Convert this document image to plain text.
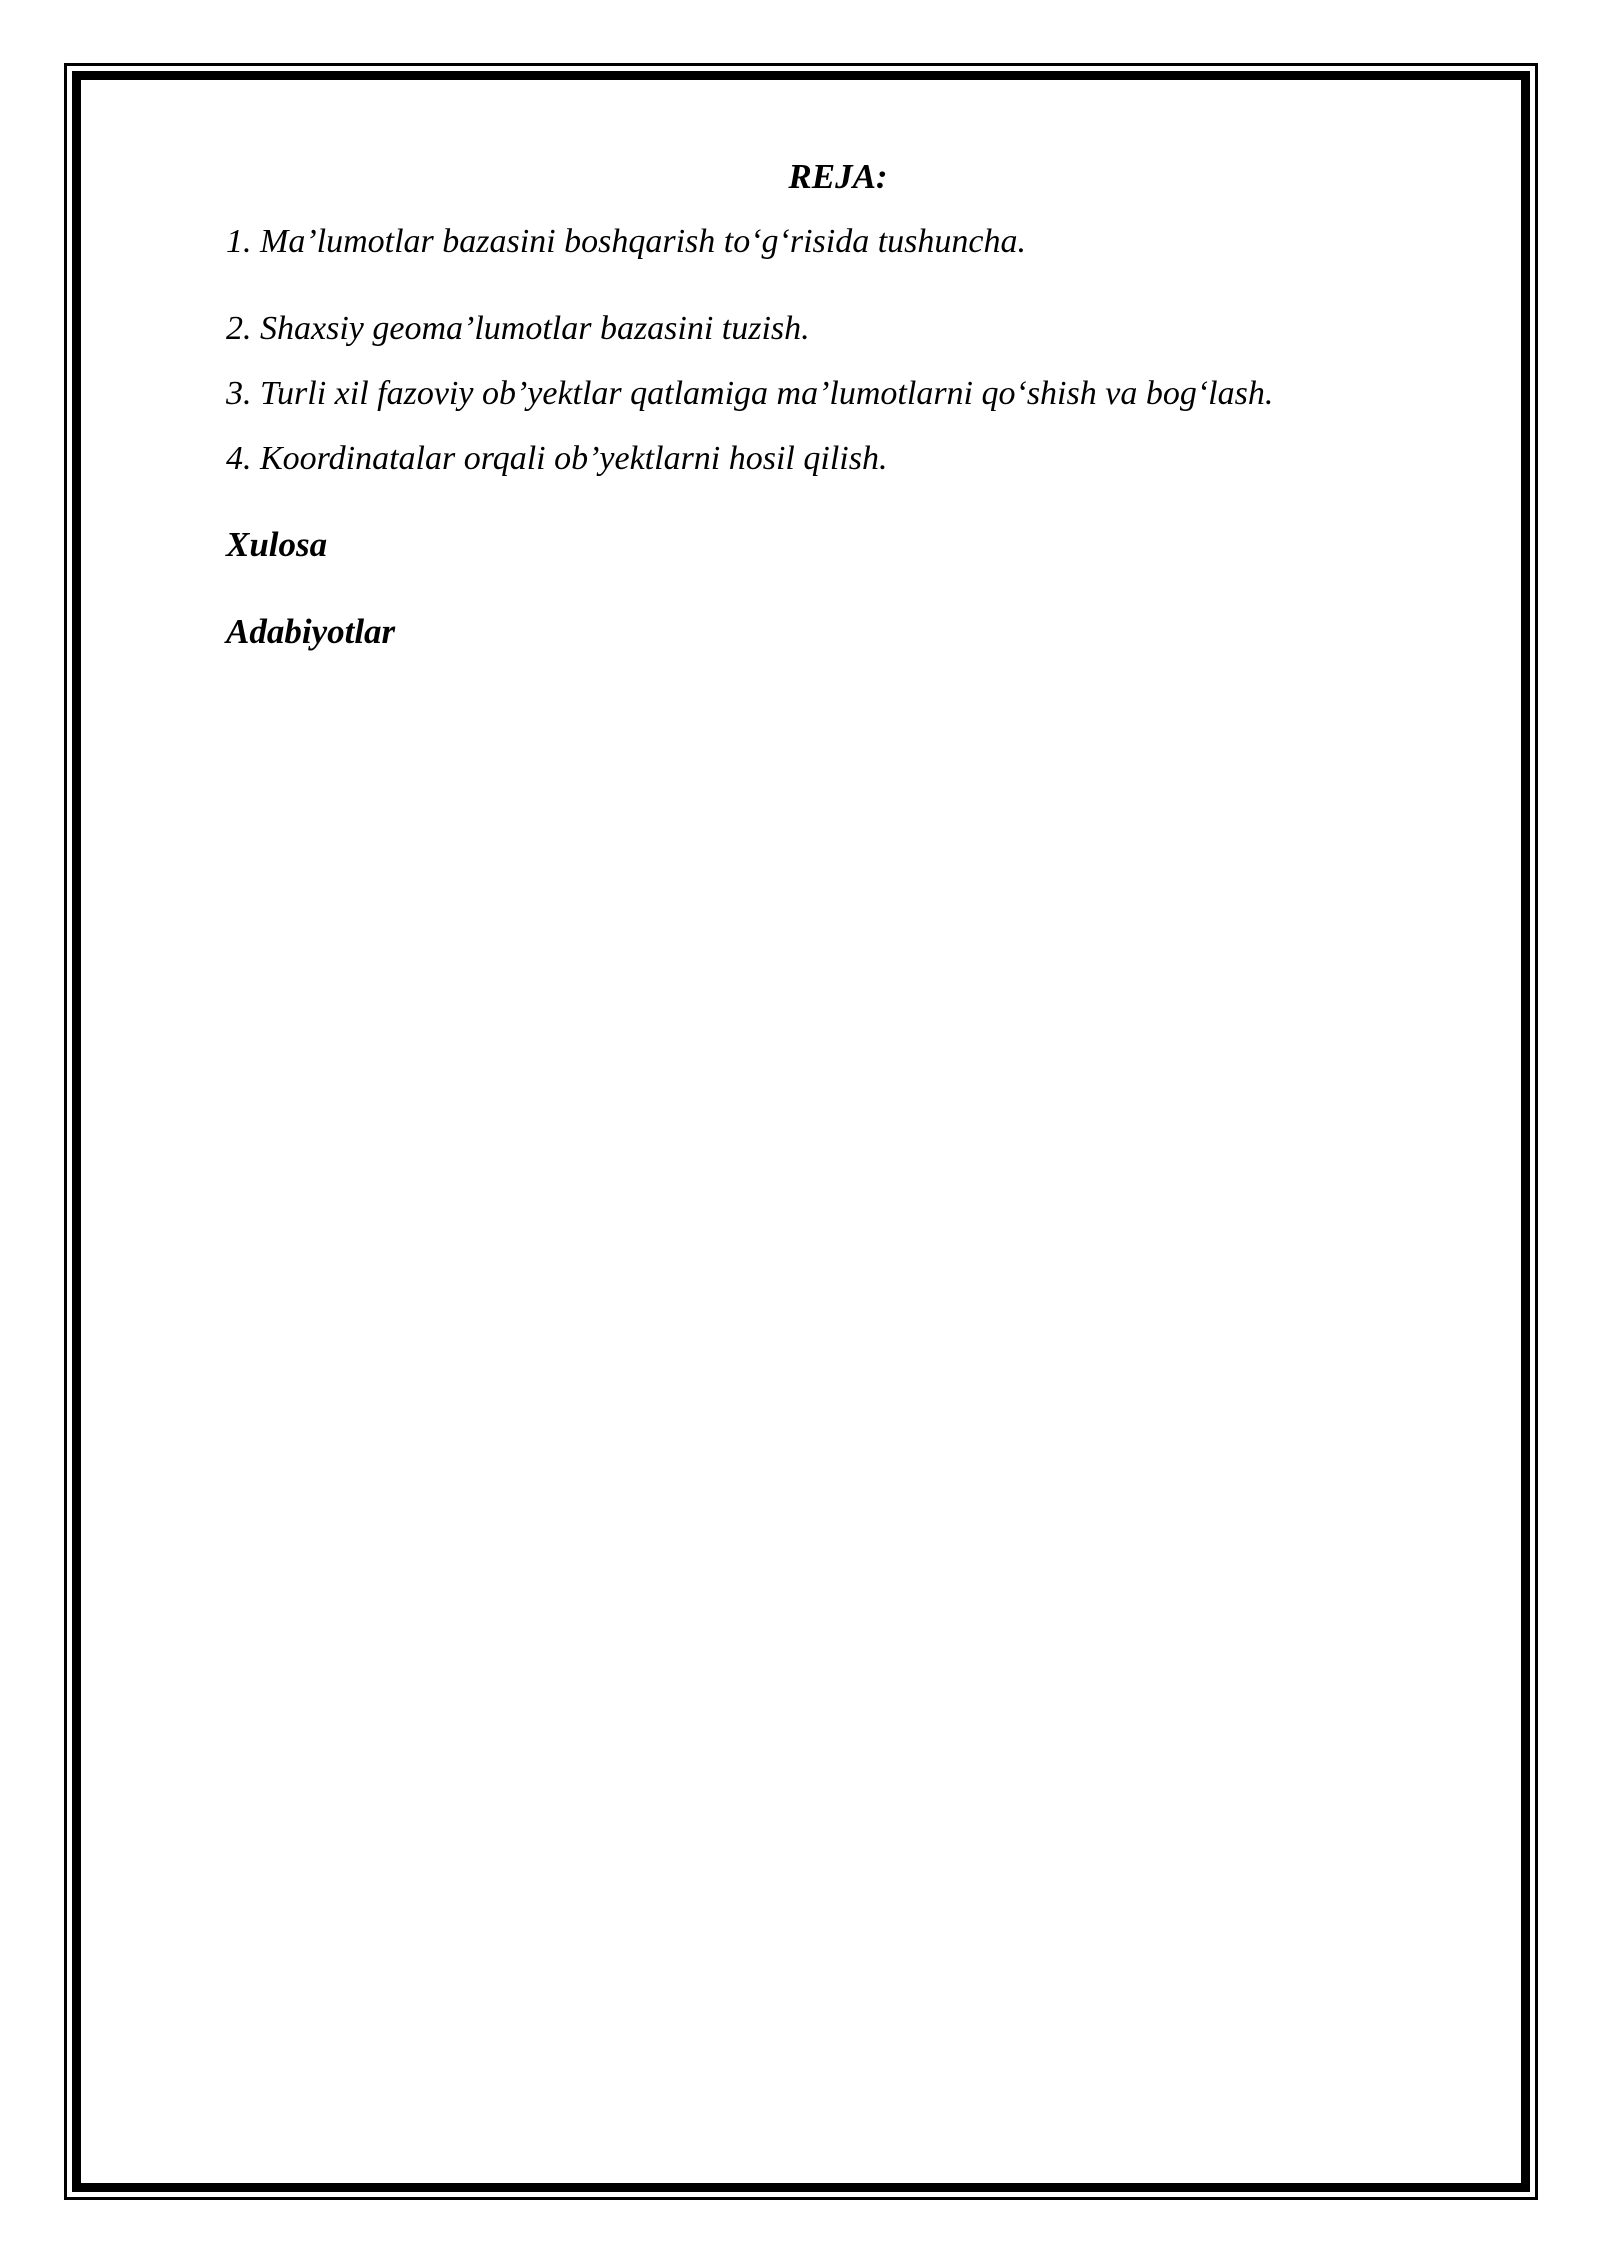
REJA:
1. Ma’lumotlar bazasini boshqarish to‘g‘risida tushuncha.
2. Shaxsiy geoma’lumotlar bazasini tuzish.
3. Turli xil fazoviy ob’yektlar qatlamiga ma’lumotlarni qo‘shish va bog‘lash.
4. Koordinatalar orqali ob’yektlarni hosil qilish.
Xulosa
Adabiyotlar
